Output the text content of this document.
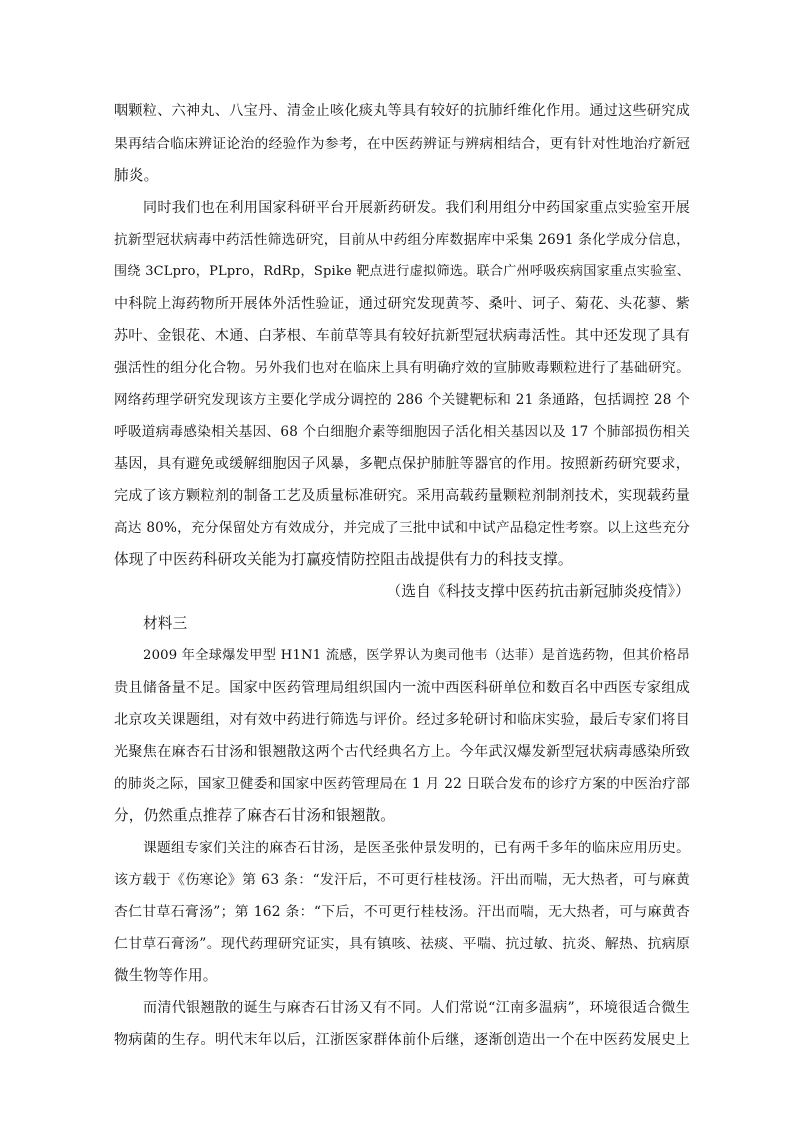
咽颗粒、六神丸、八宝丹、清金止咳化痰丸等具有较好的抗肺纤维化作用。通过这些研究成
果再结合临床辨证论治的经验作为参考，在中医药辨证与辨病相结合，更有针对性地治疗新冠
肺炎。
同时我们也在利用国家科研平台开展新药研发。我们利用组分中药国家重点实验室开展
抗新型冠状病毒中药活性筛选研究，目前从中药组分库数据库中采集 2691 条化学成分信息，
围绕 3CLpro，PLpro，RdRp，Spike 靶点进行虚拟筛选。联合广州呼吸疾病国家重点实验室、
中科院上海药物所开展体外活性验证，通过研究发现黄芩、桑叶、诃子、菊花、头花蓼、紫
苏叶、金银花、木通、白茅根、车前草等具有较好抗新型冠状病毒活性。其中还发现了具有
强活性的组分化合物。另外我们也对在临床上具有明确疗效的宣肺败毒颗粒进行了基础研究。
网络药理学研究发现该方主要化学成分调控的 286 个关键靶标和 21 条通路，包括调控 28 个
呼吸道病毒感染相关基因、68 个白细胞介素等细胞因子活化相关基因以及 17 个肺部损伤相关
基因，具有避免或缓解细胞因子风暴，多靶点保护肺脏等器官的作用。按照新药研究要求，
完成了该方颗粒剂的制备工艺及质量标准研究。采用高载药量颗粒剂制剂技术，实现载药量
高达 80%，充分保留处方有效成分，并完成了三批中试和中试产品稳定性考察。以上这些充分
体现了中医药科研攻关能为打赢疫情防控阻击战提供有力的科技支撑。
（选自《科技支撑中医药抗击新冠肺炎疫情》）
材料三
2009 年全球爆发甲型 H1N1 流感，医学界认为奥司他韦（达菲）是首选药物，但其价格昂
贵且储备量不足。国家中医药管理局组织国内一流中西医科研单位和数百名中西医专家组成
北京攻关课题组，对有效中药进行筛选与评价。经过多轮研讨和临床实验，最后专家们将目
光聚焦在麻杏石甘汤和银翘散这两个古代经典名方上。今年武汉爆发新型冠状病毒感染所致
的肺炎之际，国家卫健委和国家中医药管理局在 1 月 22 日联合发布的诊疗方案的中医治疗部
分，仍然重点推荐了麻杏石甘汤和银翘散。
课题组专家们关注的麻杏石甘汤，是医圣张仲景发明的，已有两千多年的临床应用历史。
该方载于《伤寒论》第 63 条：“发汗后，不可更行桂枝汤。汗出而喘，无大热者，可与麻黄
杏仁甘草石膏汤”；第 162 条：“下后，不可更行桂枝汤。汗出而喘，无大热者，可与麻黄杏
仁甘草石膏汤”。现代药理研究证实，具有镇咳、祛痰、平喘、抗过敏、抗炎、解热、抗病原
微生物等作用。
而清代银翘散的诞生与麻杏石甘汤又有不同。人们常说“江南多温病”，环境很适合微生
物病菌的生存。明代末年以后，江浙医家群体前仆后继，逐渐创造出一个在中医药发展史上
